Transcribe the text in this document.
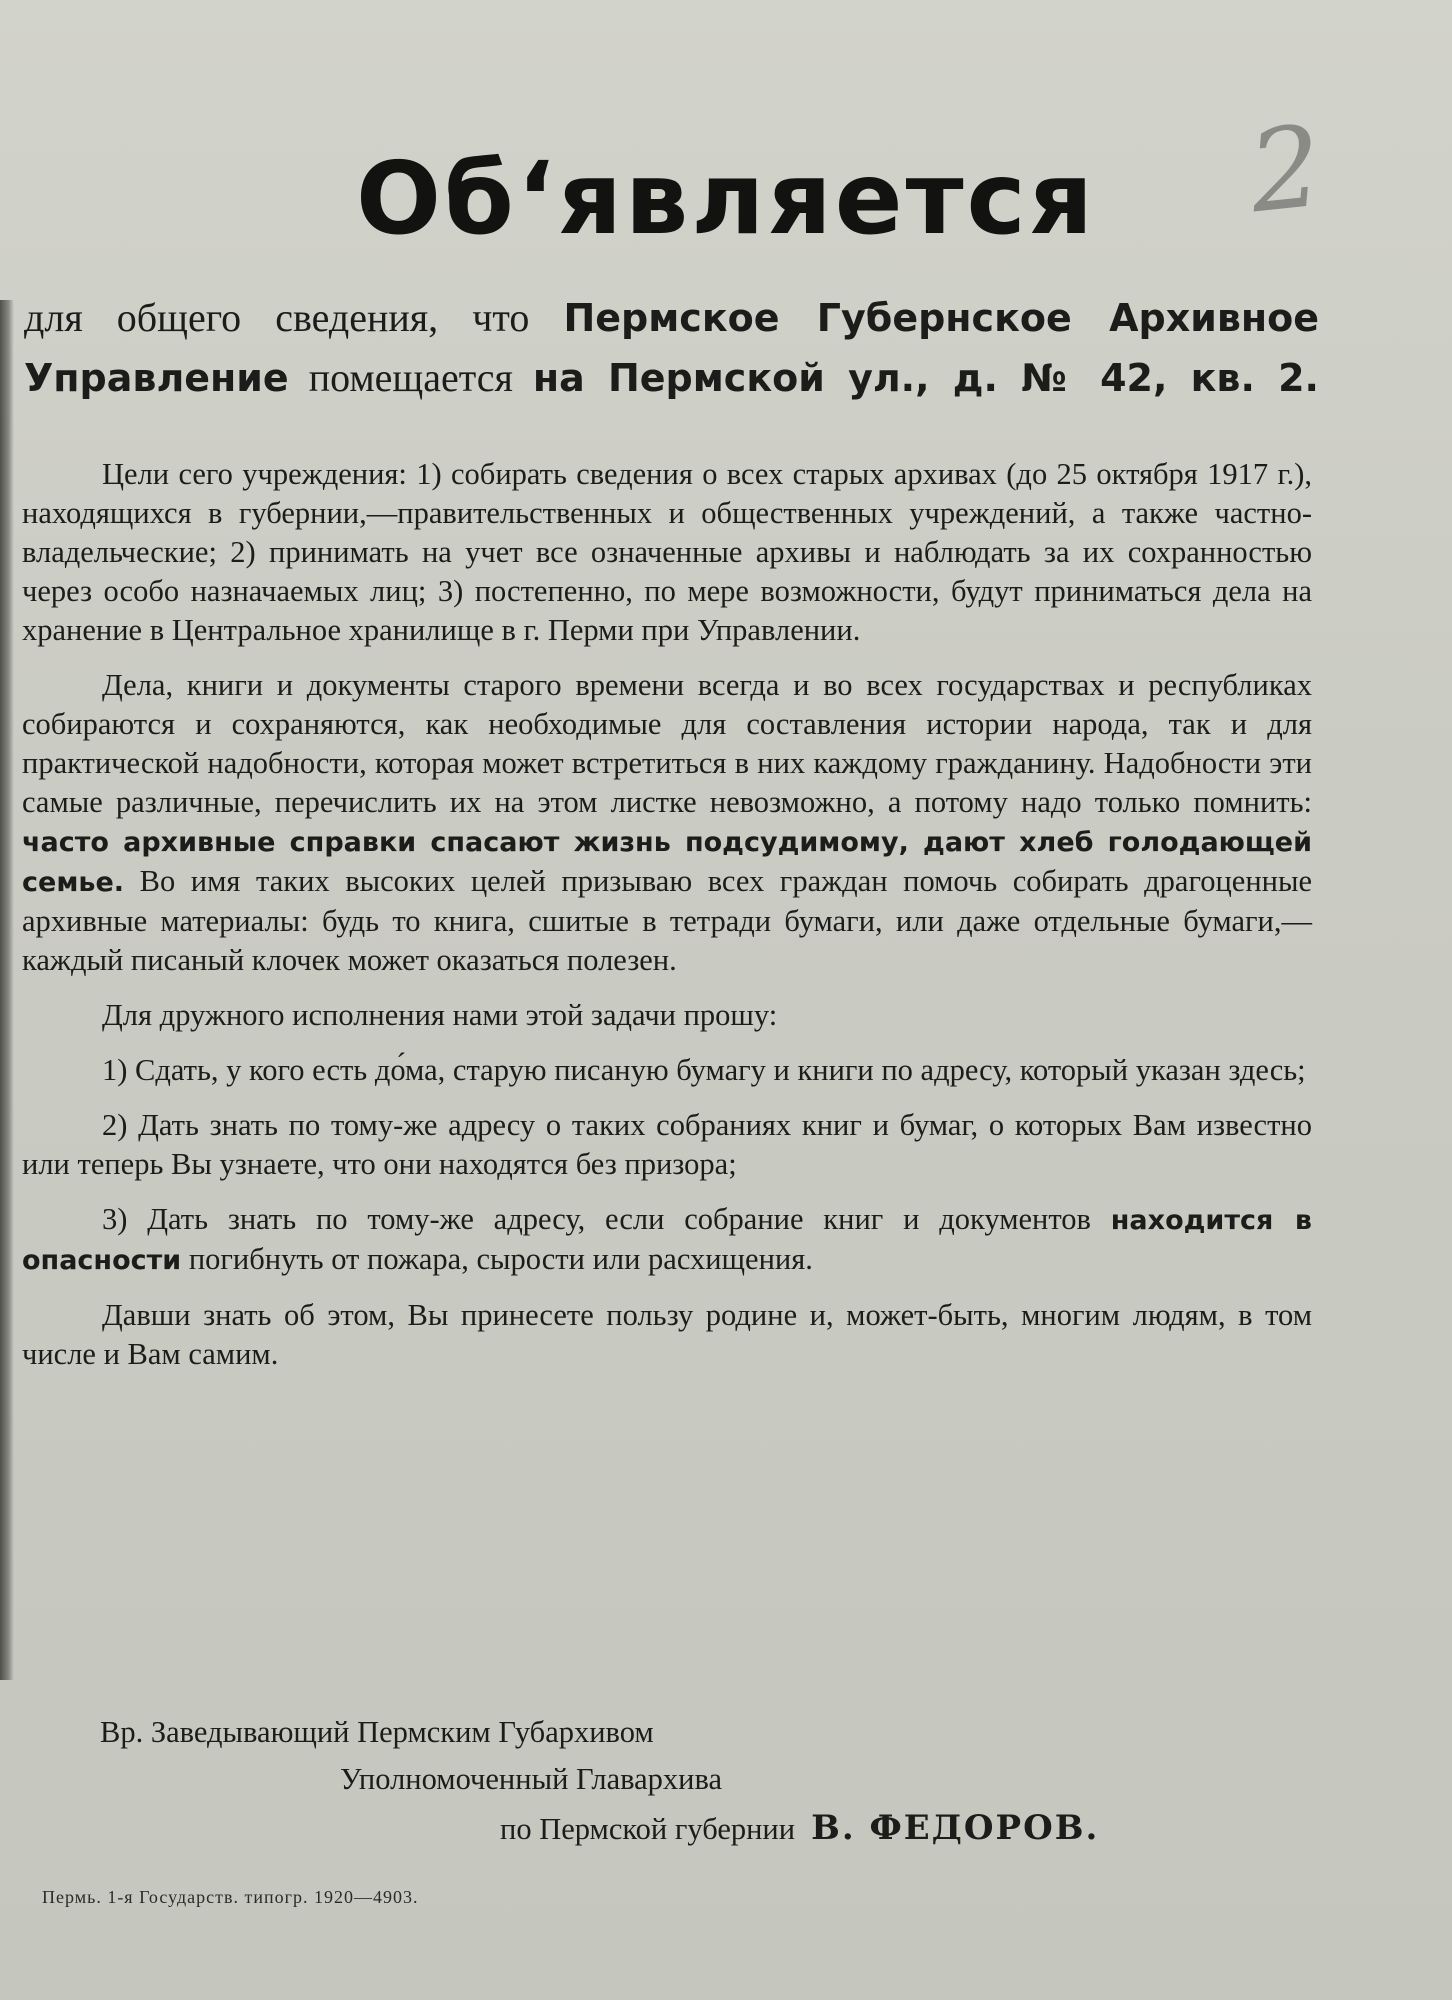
2
Об‘является
для общего сведения, что Пермское Губернское Архивное Управление помещается на Пермской ул., д. № 42, кв. 2.

Цели сего учреждения: 1) собирать сведения о всех старых архивах (до 25 октября 1917 г.), находящихся в губернии,—правительственных и общественных учреждений, а также частно-владельческие; 2) принимать на учет все означенные архивы и наблюдать за их сохранностью через особо назначаемых лиц; 3) постепенно, по мере возможности, будут приниматься дела на хранение в Центральное хранилище в г. Перми при Управлении.

Дела, книги и документы старого времени всегда и во всех государствах и республиках собираются и сохраняются, как необходимые для составления истории народа, так и для практической надобности, которая может встретиться в них каждому гражданину. Надобности эти самые различные, перечислить их на этом листке невозможно, а потому надо только помнить: часто архивные справки спасают жизнь подсудимому, дают хлеб голодающей семье. Во имя таких высоких целей призываю всех граждан помочь собирать драгоценные архивные материалы: будь то книга, сшитые в тетради бумаги, или даже отдельные бумаги,—каждый писаный клочек может оказаться полезен.

Для дружного исполнения нами этой задачи прошу:

1) Сдать, у кого есть до́ма, старую писаную бумагу и книги по адресу, который указан здесь;

2) Дать знать по тому-же адресу о таких собраниях книг и бумаг, о которых Вам известно или теперь Вы узнаете, что они находятся без призора;

3) Дать знать по тому-же адресу, если собрание книг и документов находится в опасности погибнуть от пожара, сырости или расхищения.

Давши знать об этом, Вы принесете пользу родине и, может-быть, многим людям, в том числе и Вам самим.

Вр. Заведывающий Пермским Губархивом
Уполномоченный Главархива
по Пермской губернии В. ФЕДОРОВ.
Пермь. 1-я Государств. типогр. 1920—4903.
